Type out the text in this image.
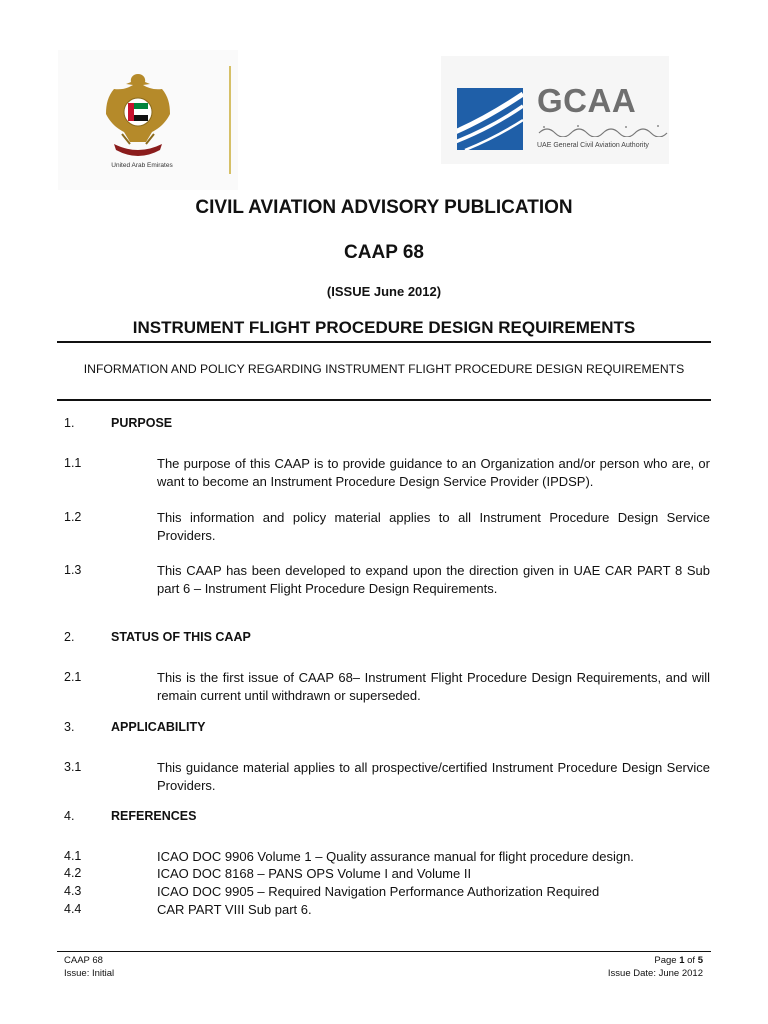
United Arab Emirates
GCAA
UAE General Civil Aviation Authority
CIVIL AVIATION ADVISORY PUBLICATION
CAAP 68
(ISSUE June 2012)
INSTRUMENT FLIGHT PROCEDURE DESIGN REQUIREMENTS
INFORMATION AND POLICY REGARDING INSTRUMENT FLIGHT PROCEDURE DESIGN REQUIREMENTS
1.	PURPOSE
1.1	The purpose of this CAAP is to provide guidance to an Organization and/or person who are, or want to become an Instrument Procedure Design Service Provider (IPDSP).
1.2	This information and policy material applies to all Instrument Procedure Design Service Providers.
1.3	This CAAP has been developed to expand upon the direction given in UAE CAR PART 8 Sub part 6 – Instrument Flight Procedure Design Requirements.
2.	STATUS OF THIS CAAP
2.1	This is the first issue of CAAP 68– Instrument Flight Procedure Design Requirements, and will remain current until withdrawn or superseded.
3.	APPLICABILITY
3.1	This guidance material applies to all prospective/certified Instrument Procedure Design Service Providers.
4.	REFERENCES
4.1	ICAO DOC 9906 Volume 1 – Quality assurance manual for flight procedure design.
4.2	ICAO DOC 8168 – PANS OPS Volume I and Volume II
4.3	ICAO DOC 9905 – Required Navigation Performance Authorization Required
4.4	CAR PART VIII Sub part 6.
CAAP 68
Issue: Initial
Page 1 of 5
Issue Date: June 2012
